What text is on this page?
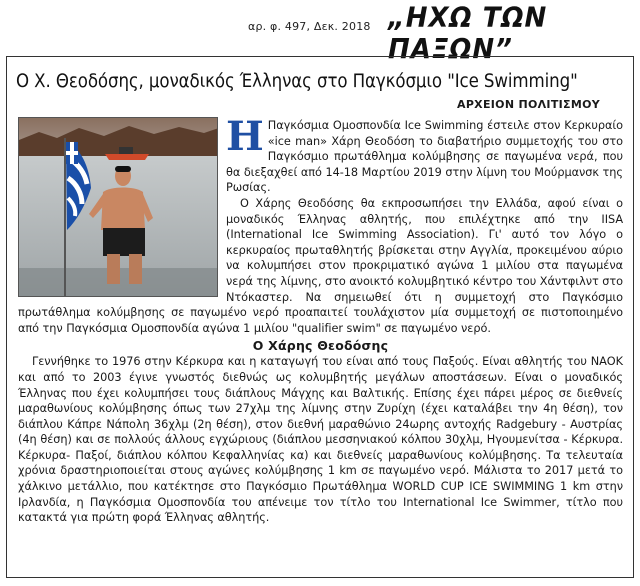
αρ. φ. 497, Δεκ. 2018 „ΗΧΩ ΤΩΝ ΠΑΞΩΝ”
O Χ. Θεοδόσης, μοναδικός Έλληνας στο Παγκόσμιο "Ice Swimming"
ΑΡΧΕΙΟΝ ΠΟΛΙΤΙΣΜΟΥ
Η Παγκόσμια Ομοσπονδία Ice Swimming έστειλε στον Κερκυραίο «ice man» Χάρη Θεοδόση το διαβατήριο συμμετοχής του στο Παγκόσμιο πρωτάθλημα κολύμβησης σε παγωμένα νερά, που θα διεξαχθεί από 14-18 Μαρτίου 2019 στην λίμνη του Μούρμανσκ της Ρωσίας.

Ο Χάρης Θεοδόσης θα εκπροσωπήσει την Ελλάδα, αφού είναι ο μοναδικός Έλληνας αθλητής, που επιλέχτηκε από την IISA (International Ice Swimming Association). Γι' αυτό τον λόγο ο κερκυραίος πρωταθλητής βρίσκεται στην Αγγλία, προκειμένου αύριο να κολυμπήσει στον προκριματικό αγώνα 1 μιλίου στα παγωμένα νερά της λίμνης, στο ανοικτό κολυμβητικό κέντρο του Χάντφιλντ στο Ντόκαστερ. Να σημειωθεί ότι η συμμετοχή στο Παγκόσμιο πρωτάθλημα κολύμβησης σε παγωμένο νερό προαπαιτεί τουλάχιστον μία συμμετοχή σε πιστοποιημένο από την Παγκόσμια Ομοσπονδία αγώνα 1 μιλίου "qualifier swim" σε παγωμένο νερό.

Ο Χάρης Θεοδόσης

Γεννήθηκε το 1976 στην Κέρκυρα και η καταγωγή του είναι από τους Παξούς. Είναι αθλητής του ΝΑΟΚ και από το 2003 έγινε γνωστός διεθνώς ως κολυμβητής μεγάλων αποστάσεων. Είναι ο μοναδικός Έλληνας που έχει κολυμπήσει τους διάπλους Μάγχης και Βαλτικής. Επίσης έχει πάρει μέρος σε διεθνείς μαραθωνίους κολύμβησης όπως των 27χλμ της λίμνης στην Ζυρίχη (έχει καταλάβει την 4η θέση), τον διάπλου Κάπρε Νάπολη 36χλμ (2η θέση), στον διεθνή μαραθώνιο 24ωρης αντοχής Radgebury - Αυστρίας (4η θέση) και σε πολλούς άλλους εγχώριους (διάπλου μεσσηνιακού κόλπου 30χλμ, Ηγουμενίτσα - Κέρκυρα. Κέρκυρα- Παξοί, διάπλου κόλπου Κεφαλληνίας κα) και διεθνείς μαραθωνίους κολύμβησης. Τα τελευταία χρόνια δραστηριοποιείται στους αγώνες κολύμβησης 1 km σε παγωμένο νερό. Μάλιστα το 2017 μετά το χάλκινο μετάλλιο, που κατέκτησε στο Παγκόσμιο Πρωτάθλημα WORLD CUP ICE SWIMMING 1 km στην Ιρλανδία, η Παγκόσμια Ομοσπονδία του απένειμε τον τίτλο του International Ice Swimmer, τίτλο που κατακτά για πρώτη φορά Έλληνας αθλητής.
